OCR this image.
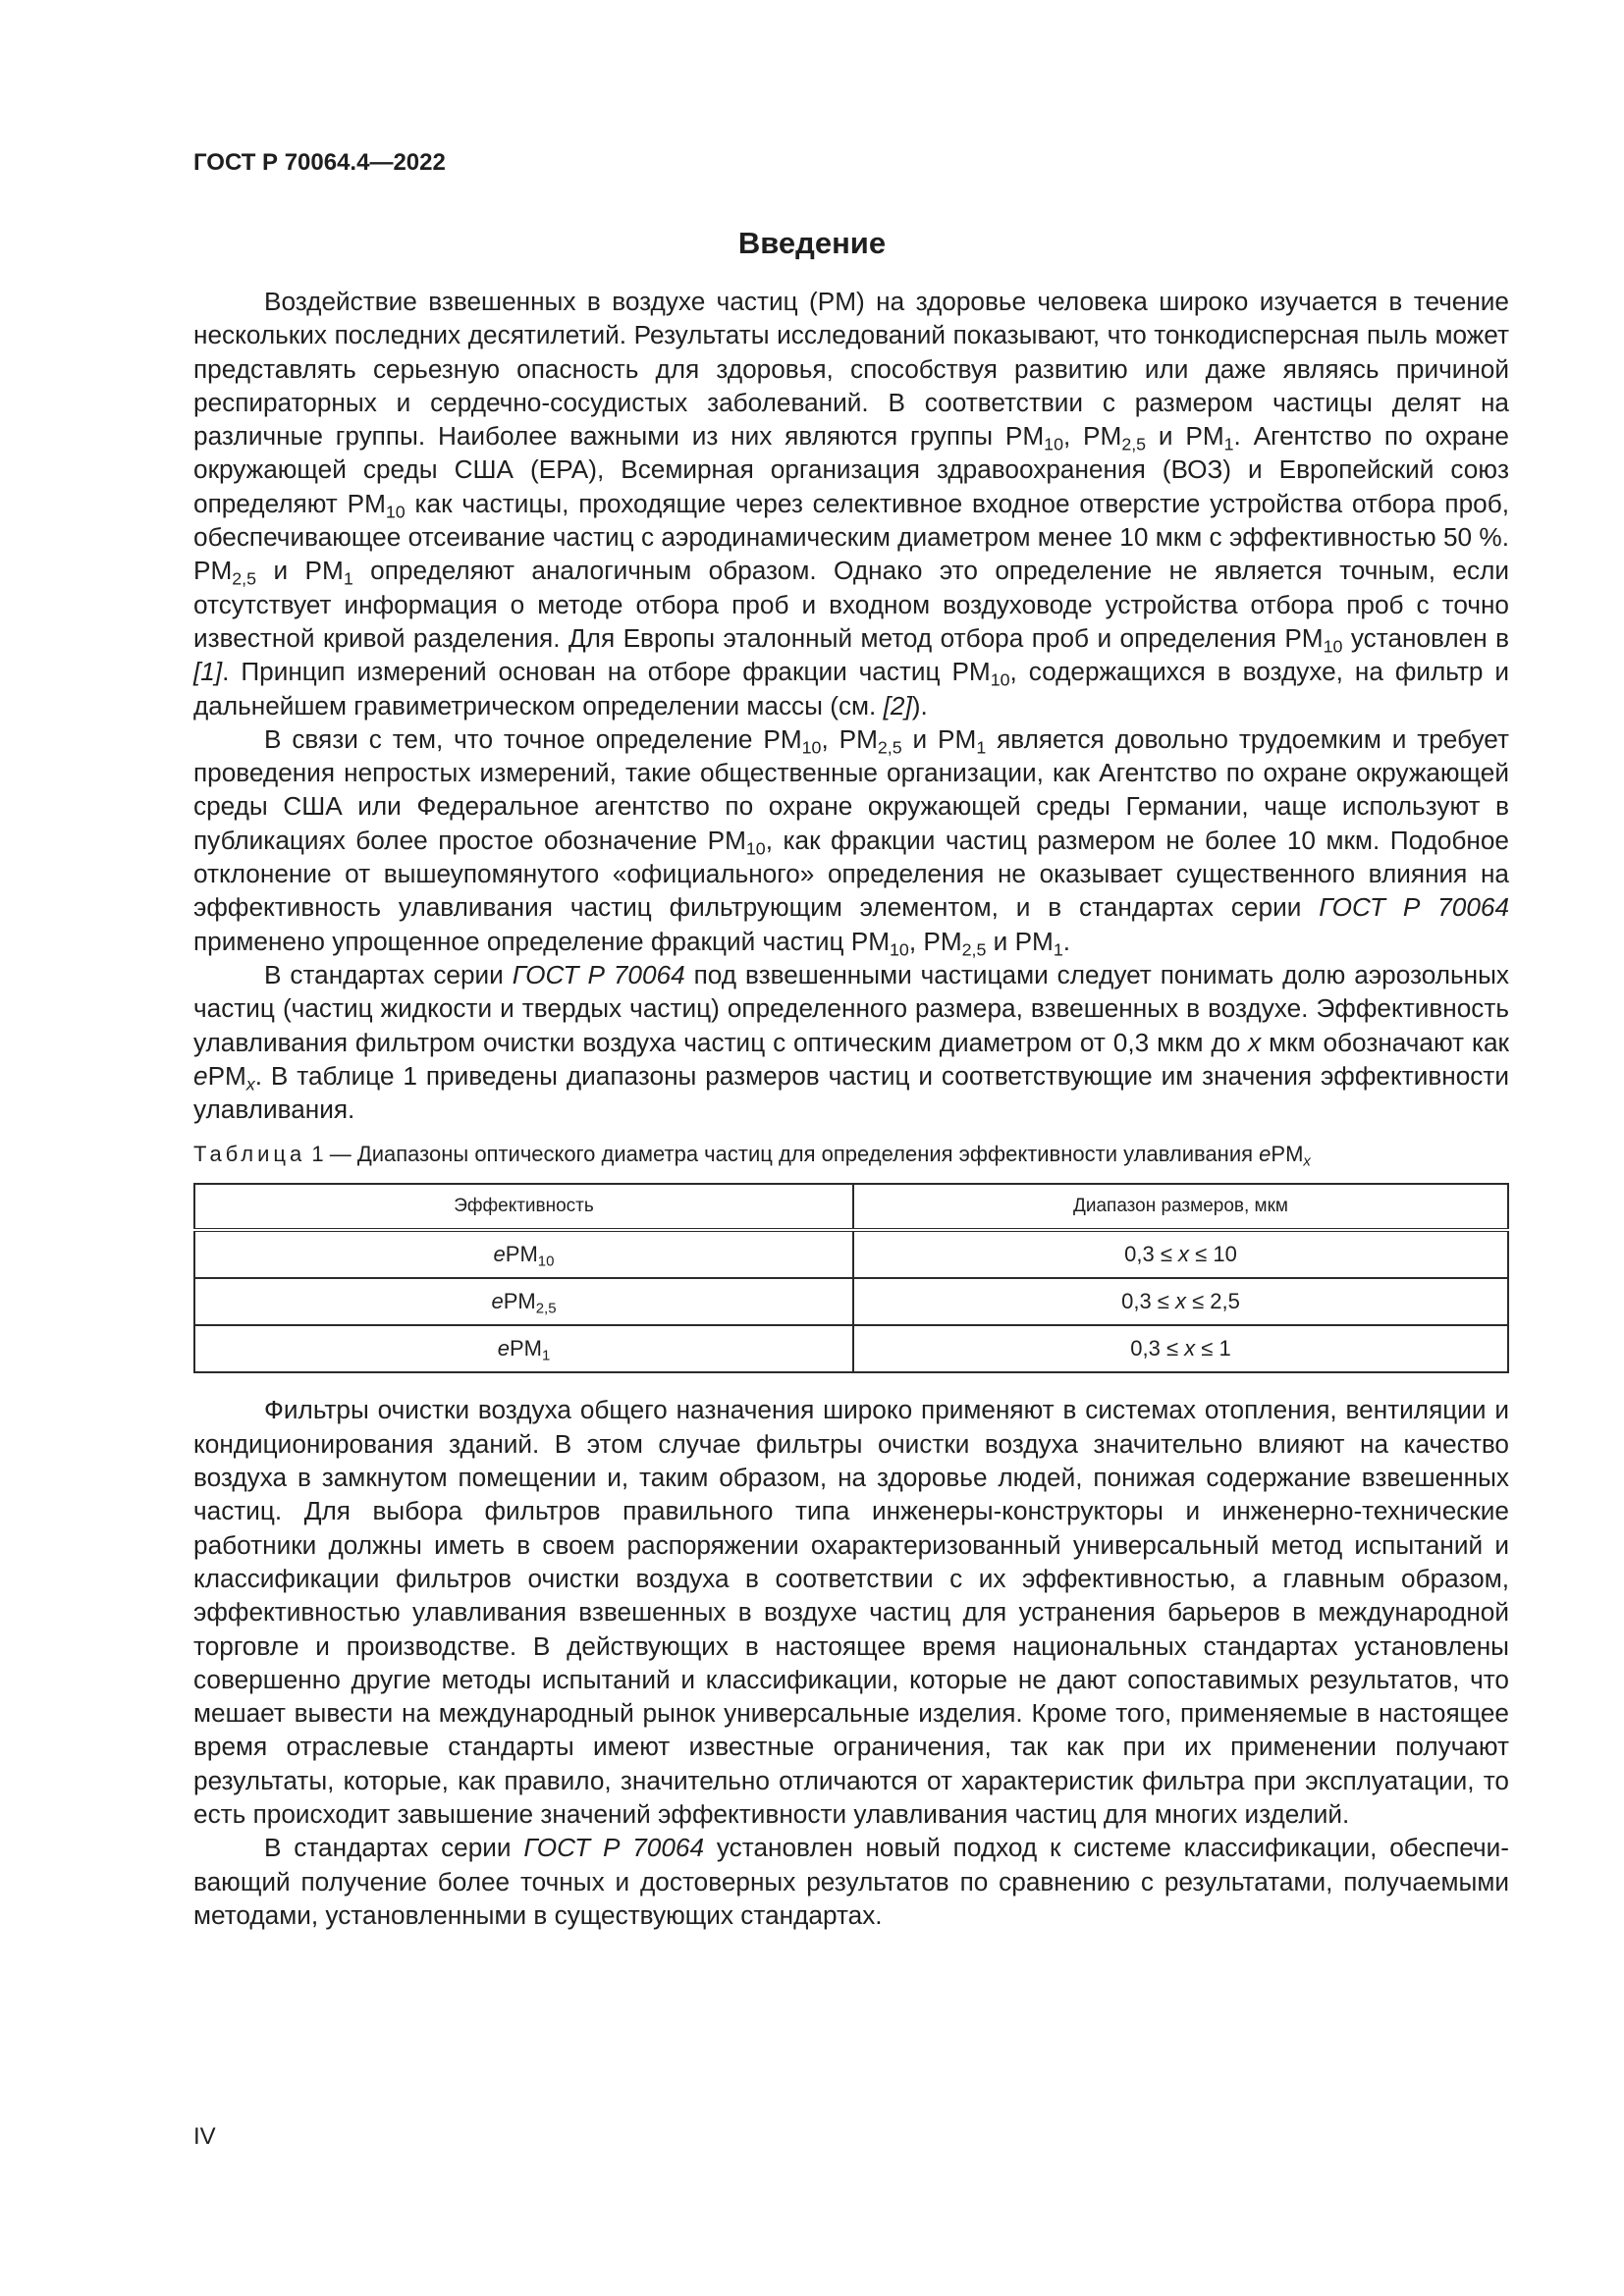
ГОСТ Р 70064.4—2022
Введение

Воздействие взвешенных в воздухе частиц (PM) на здоровье человека широко изучается в течение нескольких последних десятилетий. Результаты исследований показывают, что тонкодисперсная пыль может представлять серьезную опасность для здоровья, способствуя развитию или даже являясь причиной респираторных и сердечно-сосудистых заболеваний. В соответствии с размером частицы делят на различные группы. Наиболее важными из них являются группы $PM_{10}$, $PM_{2,5}$ и $PM_1$. Агентство по охране окружающей среды США (EPA), Всемирная организация здравоохранения (ВОЗ) и Европейский союз определяют $PM_{10}$ как частицы, проходящие через селективное входное отверстие устройства отбора проб, обеспечивающее отсеивание частиц с аэродинамическим диаметром менее 10 мкм с эффективностью 50 %. $PM_{2,5}$ и $PM_1$ определяют аналогичным образом. Однако это определение не является точным, если отсутствует информация о методе отбора проб и входном воздуховоде устройства отбора проб с точно известной кривой разделения. Для Европы эталонный метод отбора проб и определения $PM_{10}$ установлен в [1]. Принцип измерений основан на отборе фракции частиц $PM_{10}$, содержащихся в воздухе, на фильтр и дальнейшем гравиметрическом определении массы (см. [2]).

В связи с тем, что точное определение $PM_{10}$, $PM_{2,5}$ и $PM_1$ является довольно трудоемким и требует проведения непростых измерений, такие общественные организации, как Агентство по охране окружающей среды США или Федеральное агентство по охране окружающей среды Германии, чаще используют в публикациях более простое обозначение $PM_{10}$, как фракции частиц размером не более 10 мкм. Подобное отклонение от вышеупомянутого «официального» определения не оказывает существенного влияния на эффективность улавливания частиц фильтрующим элементом, и в стандартах серии ГОСТ Р 70064 применено упрощенное определение фракций частиц $PM_{10}$, $PM_{2,5}$ и $PM_1$.

В стандартах серии ГОСТ Р 70064 под взвешенными частицами следует понимать долю аэрозольных частиц (частиц жидкости и твердых частиц) определенного размера, взвешенных в воздухе. Эффективность улавливания фильтром очистки воздуха частиц с оптическим диаметром от 0,3 мкм до x мкм обозначают как ePM$_x$. В таблице 1 приведены диапазоны размеров частиц и соответствующие им значения эффективности улавливания.

Таблица 1 — Диапазоны оптического диаметра частиц для определения эффективности улавливания ePM$_x$
Эффективность	Диапазон размеров, мкм
ePM$_{10}$	0,3 ≤ x ≤ 10
ePM$_{2,5}$	0,3 ≤ x ≤ 2,5
ePM$_1$	0,3 ≤ x ≤ 1

Фильтры очистки воздуха общего назначения широко применяют в системах отопления, вентиляции и кондиционирования зданий. В этом случае фильтры очистки воздуха значительно влияют на качество воздуха в замкнутом помещении и, таким образом, на здоровье людей, понижая содержание взвешенных частиц. Для выбора фильтров правильного типа инженеры-конструкторы и инженерно-технические работники должны иметь в своем распоряжении охарактеризованный универсальный метод испытаний и классификации фильтров очистки воздуха в соответствии с их эффективностью, а главным образом, эффективностью улавливания взвешенных в воздухе частиц для устранения барьеров в международной торговле и производстве. В действующих в настоящее время национальных стандартах установлены совершенно другие методы испытаний и классификации, которые не дают сопоставимых результатов, что мешает вывести на международный рынок универсальные изделия. Кроме того, применяемые в настоящее время отраслевые стандарты имеют известные ограничения, так как при их применении получают результаты, которые, как правило, значительно отличаются от характеристик фильтра при эксплуатации, то есть происходит завышение значений эффективности улавливания частиц для многих изделий.

В стандартах серии ГОСТ Р 70064 установлен новый подход к системе классификации, обеспечивающий получение более точных и достоверных результатов по сравнению с результатами, получаемыми методами, установленными в существующих стандартах.

IV
